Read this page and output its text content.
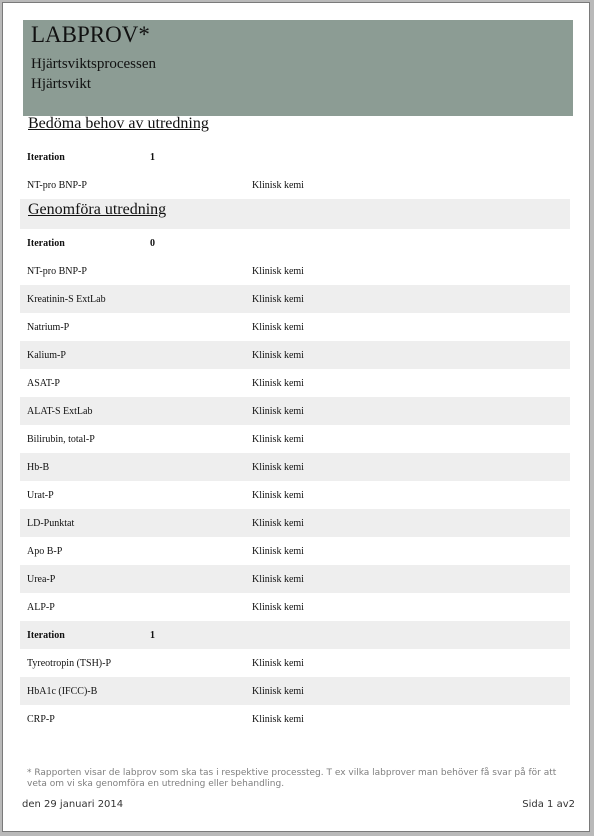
LABPROV*
Hjärtsviktsprocessen
Hjärtsvikt
Bedöma behov av utredning
Iteration	1
NT-pro BNP-P	Klinisk kemi
Genomföra utredning
Iteration	0
NT-pro BNP-P	Klinisk kemi
Kreatinin-S ExtLab	Klinisk kemi
Natrium-P	Klinisk kemi
Kalium-P	Klinisk kemi
ASAT-P	Klinisk kemi
ALAT-S ExtLab	Klinisk kemi
Bilirubin, total-P	Klinisk kemi
Hb-B	Klinisk kemi
Urat-P	Klinisk kemi
LD-Punktat	Klinisk kemi
Apo B-P	Klinisk kemi
Urea-P	Klinisk kemi
ALP-P	Klinisk kemi
Iteration	1
Tyreotropin (TSH)-P	Klinisk kemi
HbA1c (IFCC)-B	Klinisk kemi
CRP-P	Klinisk kemi
* Rapporten visar de labprov som ska tas i respektive processteg. T ex vilka labprover man behöver få svar på för att veta om vi ska genomföra en utredning eller behandling.
den 29 januari 2014	Sida 1 av2
